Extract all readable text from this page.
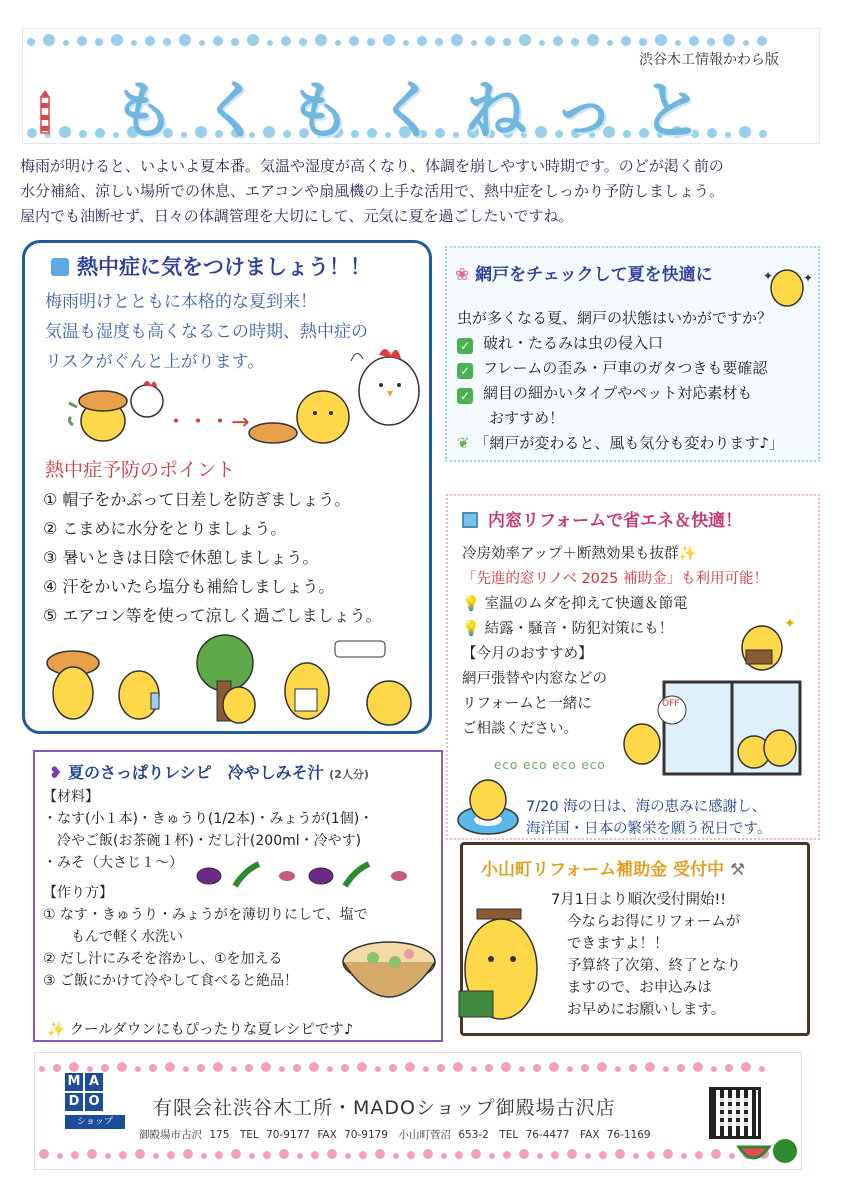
もくもくねっと
渋谷木工情報かわら版
梅雨が明けると、いよいよ夏本番。気温や湿度が高くなり、体調を崩しやすい時期です。のどが渇く前の
水分補給、涼しい場所での休息、エアコンや扇風機の上手な活用で、熱中症をしっかり予防しましょう。
屋内でも油断せず、日々の体調管理を大切にして、元気に夏を過ごしたいですね。
熱中症に気をつけましょう！！
梅雨明けとともに本格的な夏到来！
気温も湿度も高くなるこの時期、熱中症の
リスクがぐんと上がります。
・・・→
熱中症予防のポイント
① 帽子をかぶって日差しを防ぎましょう。
② こまめに水分をとりましょう。
③ 暑いときは日陰で休憩しましょう。
④ 汗をかいたら塩分も補給しましょう。
⑤ エアコン等を使って涼しく過ごしましょう。
❀ 網戸をチェックして夏を快適に	✦ ✦
虫が多くなる夏、網戸の状態はいかがですか？
✓ 破れ・たるみは虫の侵入口
✓ フレームの歪み・戸車のガタつきも要確認
✓ 網目の細かいタイプやペット対応素材も
おすすめ！
❦ 「網戸が変わると、風も気分も変わります♪」
内窓リフォームで省エネ＆快適！
冷房効率アップ＋断熱効果も抜群✨
「先進的窓リノベ 2025 補助金」も利用可能！
💡 室温のムダを抑えて快適＆節電
💡 結露・騒音・防犯対策にも！
【今月のおすすめ】
網戸張替や内窓などの
リフォームと一緒に
ご相談ください。
✦
OFF
eco eco eco eco
7/20 海の日は、海の恵みに感謝し、
海洋国・日本の繁栄を願う祝日です。
❥ 夏のさっぱりレシピ　冷やしみそ汁 (2人分)
【材料】
・なす(小１本)・きゅうり(1/2本)・みょうが(1個)・
冷やご飯(お茶碗１杯)・だし汁(200ml・冷やす)
・みそ（大さじ１〜）
【作り方】
① なす・きゅうり・みょうがを薄切りにして、塩で
もんで軽く水洗い
② だし汁にみそを溶かし、①を加える
③ ご飯にかけて冷やして食べると絶品！
✨ クールダウンにもぴったりな夏レシピです♪
小山町リフォーム補助金 受付中 ⚒
7月1日より順次受付開始!!
今ならお得にリフォームが
できますよ！！
予算終了次第、終了となり
ますので、お申込みは
お早めにお願いします。
M A
D O
ショップ
有限会社渋谷木工所・MADOショップ御殿場古沢店
御殿場市古沢 175　TEL 70-9177 FAX 70-9179　小山町菅沼 653-2　TEL 76-4477　FAX 76-1169
